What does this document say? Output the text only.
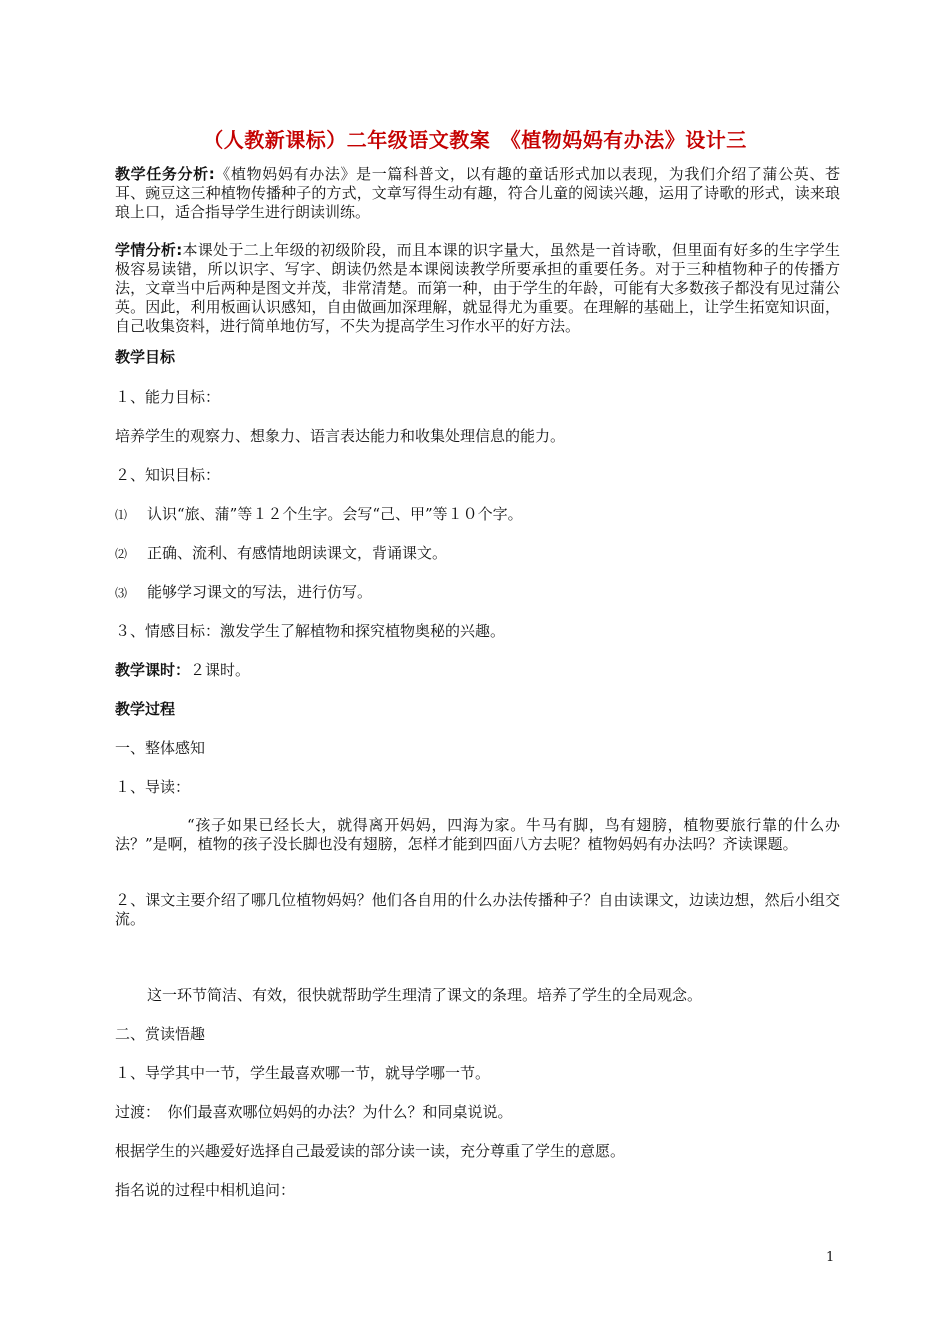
（人教新课标）二年级语文教案　《植物妈妈有办法》设计三
教学任务分析:《植物妈妈有办法》是一篇科普文，以有趣的童话形式加以表现，为我们介绍了蒲公英、苍耳、豌豆这三种植物传播种子的方式，文章写得生动有趣，符合儿童的阅读兴趣，运用了诗歌的形式，读来琅琅上口，适合指导学生进行朗读训练。
学情分析:本课处于二上年级的初级阶段，而且本课的识字量大，虽然是一首诗歌，但里面有好多的生字学生极容易读错，所以识字、写字、朗读仍然是本课阅读教学所要承担的重要任务。对于三种植物种子的传播方法，文章当中后两种是图文并茂，非常清楚。而第一种，由于学生的年龄，可能有大多数孩子都没有见过蒲公英。因此，利用板画认识感知，自由做画加深理解，就显得尤为重要。在理解的基础上，让学生拓宽知识面，自己收集资料，进行简单地仿写，不失为提高学生习作水平的好方法。
教学目标
１、能力目标：
培养学生的观察力、想象力、语言表达能力和收集处理信息的能力。
２、知识目标：
⑴ 认识“旅、蒲”等１２个生字。会写“己、甲”等１０个字。
⑵ 正确、流利、有感情地朗读课文，背诵课文。
⑶ 能够学习课文的写法，进行仿写。
３、情感目标：激发学生了解植物和探究植物奥秘的兴趣。
教学课时：２课时。
教学过程
一、整体感知
１、导读：
“孩子如果已经长大，就得离开妈妈，四海为家。牛马有脚，鸟有翅膀，植物要旅行靠的什么办法？”是啊，植物的孩子没长脚也没有翅膀，怎样才能到四面八方去呢？植物妈妈有办法吗？齐读课题。
２、课文主要介绍了哪几位植物妈妈？他们各自用的什么办法传播种子？自由读课文，边读边想，然后小组交流。
这一环节简洁、有效，很快就帮助学生理清了课文的条理。培养了学生的全局观念。
二、赏读悟趣
１、导学其中一节，学生最喜欢哪一节，就导学哪一节。
过渡：　你们最喜欢哪位妈妈的办法？为什么？和同桌说说。
根据学生的兴趣爱好选择自己最爱读的部分读一读，充分尊重了学生的意愿。
指名说的过程中相机追问：
1
